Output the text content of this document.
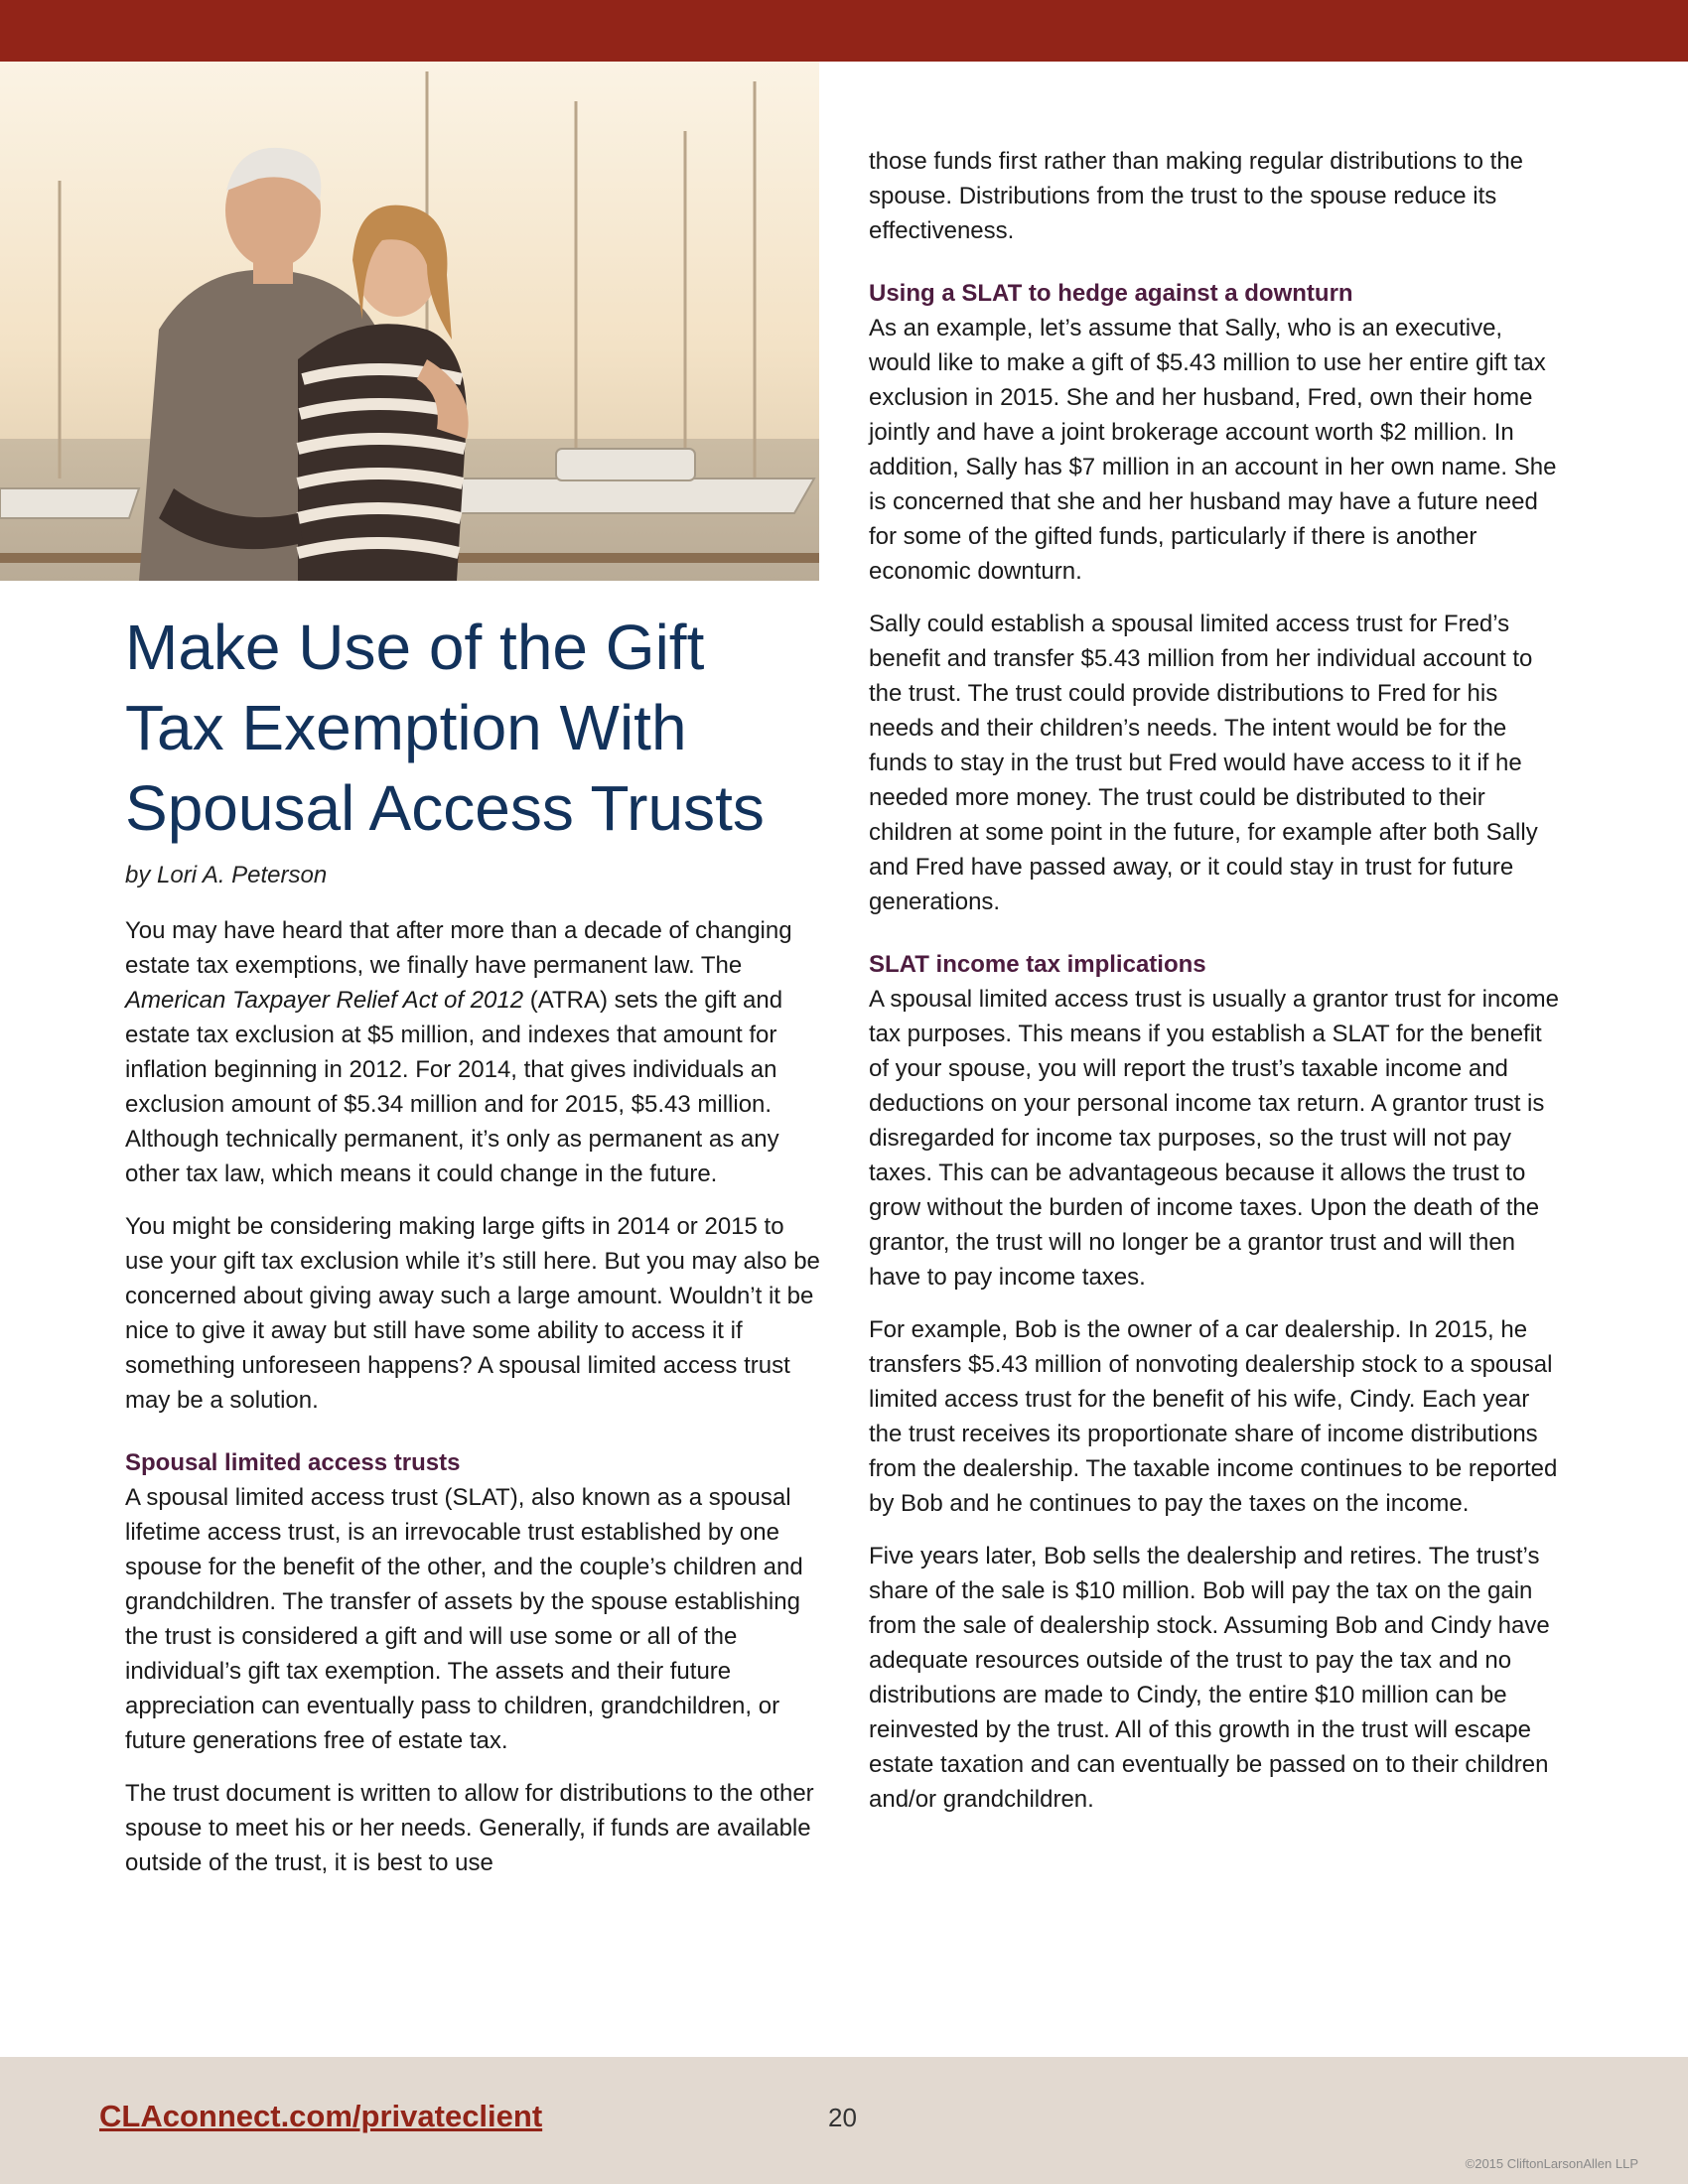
Make Use of the Gift Tax Exemption With Spousal Access Trusts
by Lori A. Peterson

You may have heard that after more than a decade of changing estate tax exemptions, we finally have permanent law. The American Taxpayer Relief Act of 2012 (ATRA) sets the gift and estate tax exclusion at $5 million, and indexes that amount for inflation beginning in 2012. For 2014, that gives individuals an exclusion amount of $5.34 million and for 2015, $5.43 million. Although technically permanent, it’s only as permanent as any other tax law, which means it could change in the future.

You might be considering making large gifts in 2014 or 2015 to use your gift tax exclusion while it’s still here. But you may also be concerned about giving away such a large amount. Wouldn’t it be nice to give it away but still have some ability to access it if something unforeseen happens? A spousal limited access trust may be a solution.

Spousal limited access trusts

A spousal limited access trust (SLAT), also known as a spousal lifetime access trust, is an irrevocable trust established by one spouse for the benefit of the other, and the couple’s children and grandchildren. The transfer of assets by the spouse establishing the trust is considered a gift and will use some or all of the individual’s gift tax exemption. The assets and their future appreciation can eventually pass to children, grandchildren, or future generations free of estate tax.

The trust document is written to allow for distributions to the other spouse to meet his or her needs. Generally, if funds are available outside of the trust, it is best to use

those funds first rather than making regular distributions to the spouse. Distributions from the trust to the spouse reduce its effectiveness.

Using a SLAT to hedge against a downturn

As an example, let’s assume that Sally, who is an executive, would like to make a gift of $5.43 million to use her entire gift tax exclusion in 2015. She and her husband, Fred, own their home jointly and have a joint brokerage account worth $2 million. In addition, Sally has $7 million in an account in her own name. She is concerned that she and her husband may have a future need for some of the gifted funds, particularly if there is another economic downturn.

Sally could establish a spousal limited access trust for Fred’s benefit and transfer $5.43 million from her individual account to the trust. The trust could provide distributions to Fred for his needs and their children’s needs. The intent would be for the funds to stay in the trust but Fred would have access to it if he needed more money. The trust could be distributed to their children at some point in the future, for example after both Sally and Fred have passed away, or it could stay in trust for future generations.

SLAT income tax implications

A spousal limited access trust is usually a grantor trust for income tax purposes. This means if you establish a SLAT for the benefit of your spouse, you will report the trust’s taxable income and deductions on your personal income tax return. A grantor trust is disregarded for income tax purposes, so the trust will not pay taxes. This can be advantageous because it allows the trust to grow without the burden of income taxes. Upon the death of the grantor, the trust will no longer be a grantor trust and will then have to pay income taxes.

For example, Bob is the owner of a car dealership. In 2015, he transfers $5.43 million of nonvoting dealership stock to a spousal limited access trust for the benefit of his wife, Cindy. Each year the trust receives its proportionate share of income distributions from the dealership. The taxable income continues to be reported by Bob and he continues to pay the taxes on the income.

Five years later, Bob sells the dealership and retires. The trust’s share of the sale is $10 million. Bob will pay the tax on the gain from the sale of dealership stock. Assuming Bob and Cindy have adequate resources outside of the trust to pay the tax and no distributions are made to Cindy, the entire $10 million can be reinvested by the trust. All of this growth in the trust will escape estate taxation and can eventually be passed on to their children and/or grandchildren.

CLAconnect.com/privateclient	20
©2015 CliftonLarsonAllen LLP
